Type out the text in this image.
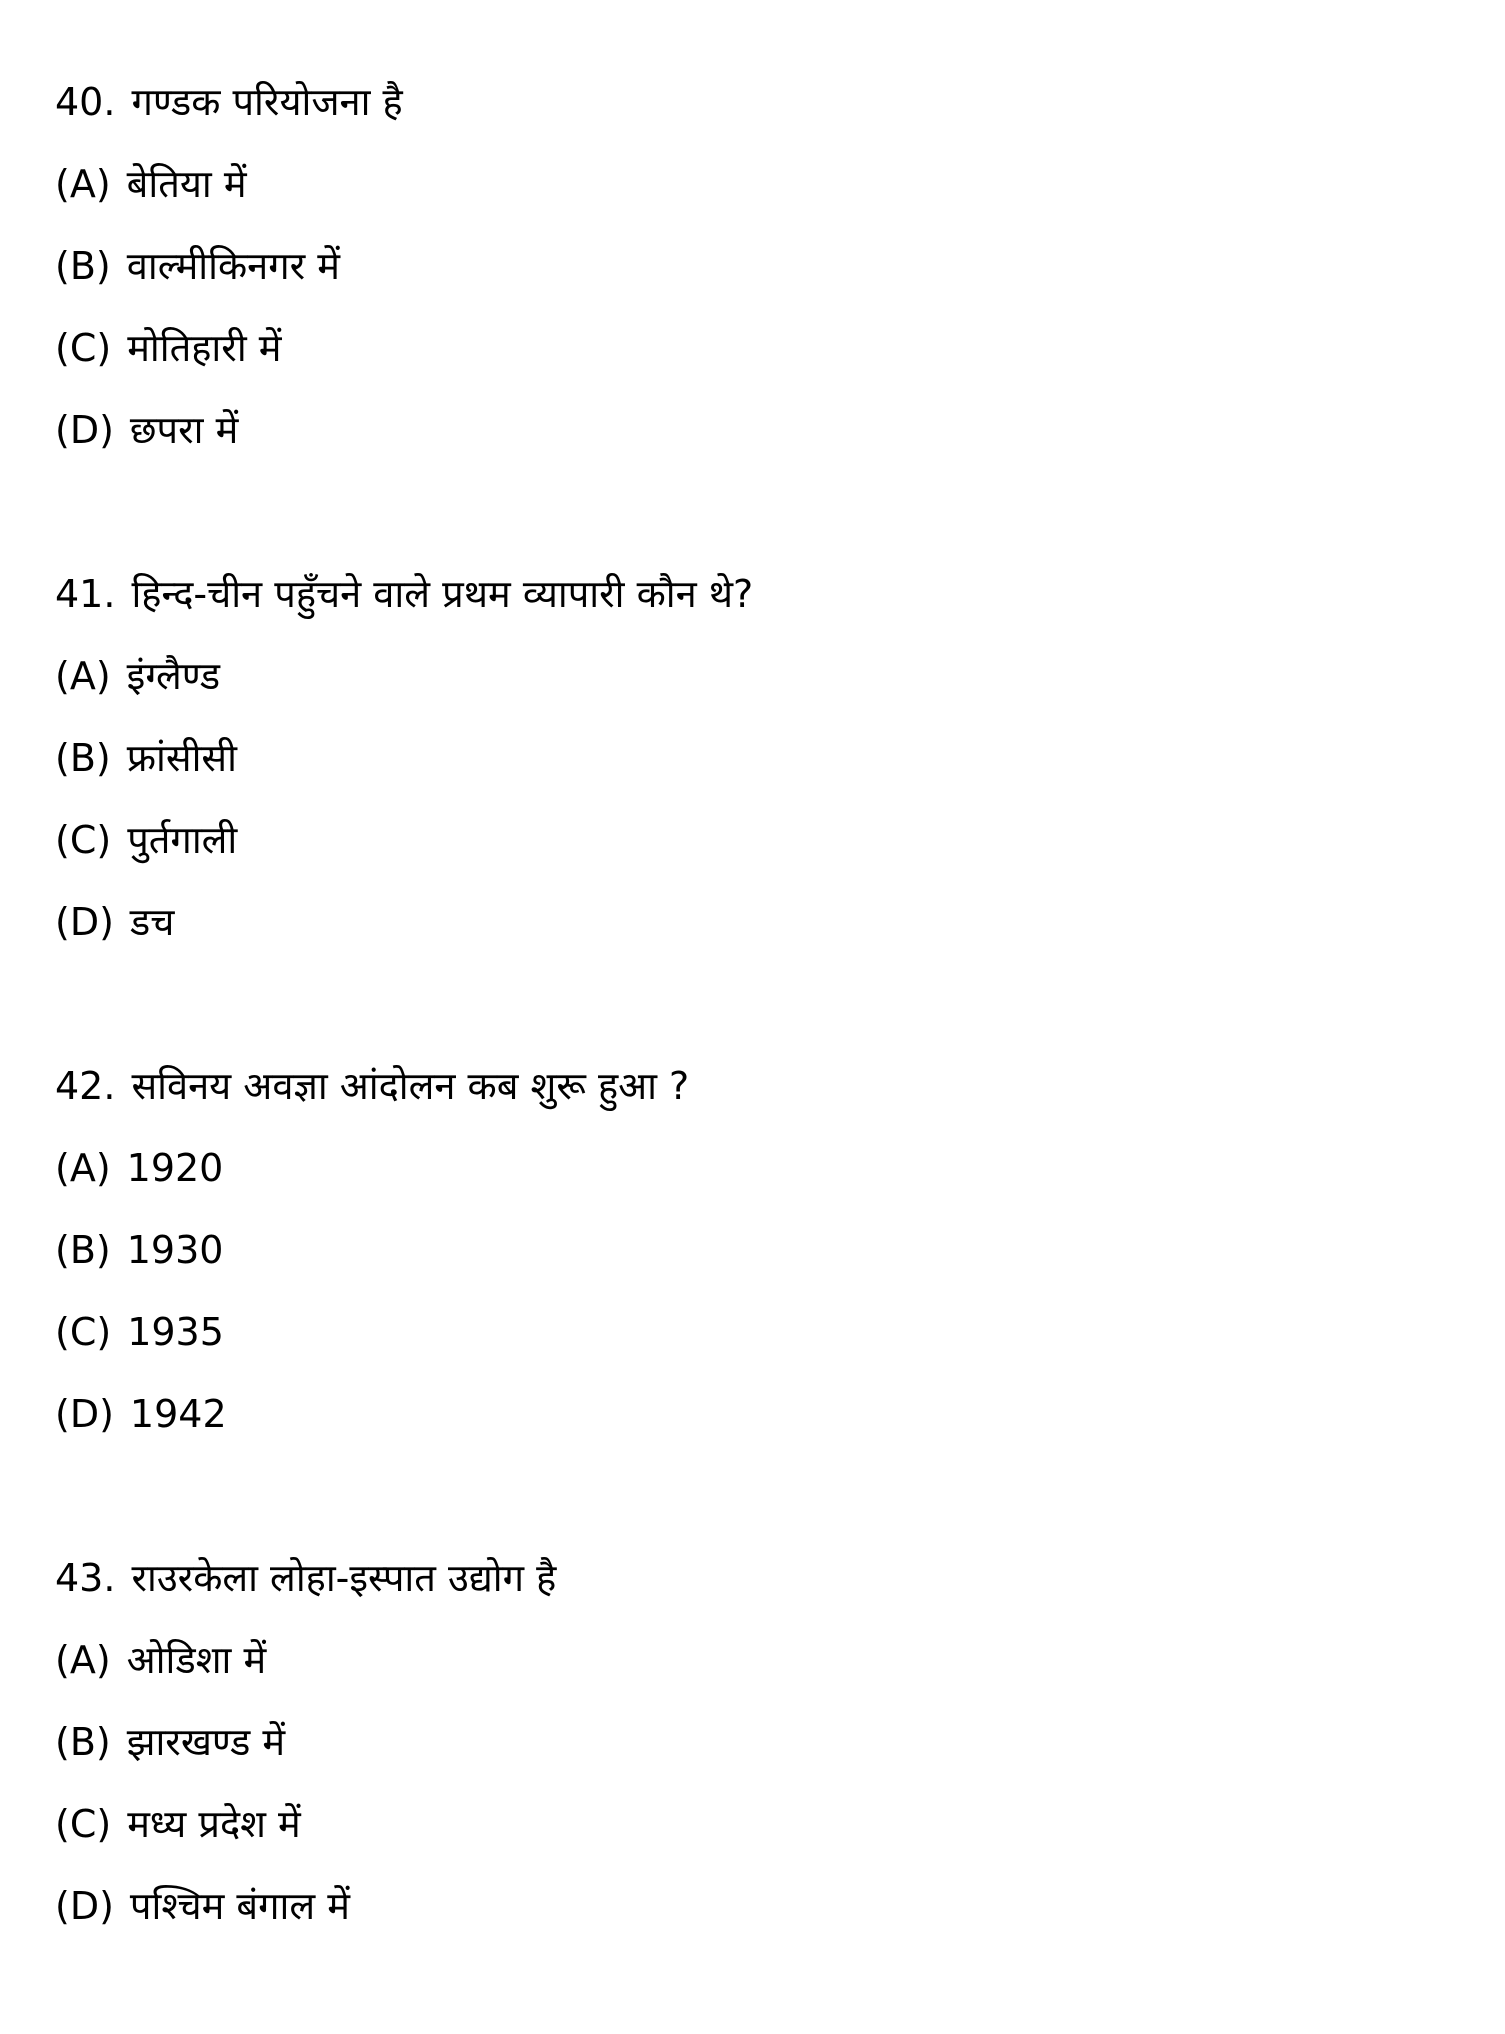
40. गण्डक परियोजना है
(A) बेतिया में
(B) वाल्मीकिनगर में
(C) मोतिहारी में
(D) छपरा में
41. हिन्द-चीन पहुँचने वाले प्रथम व्यापारी कौन थे?
(A) इंग्लैण्ड
(B) फ्रांसीसी
(C) पुर्तगाली
(D) डच
42. सविनय अवज्ञा आंदोलन कब शुरू हुआ ?
(A) 1920
(B) 1930
(C) 1935
(D) 1942
43. राउरकेला लोहा-इस्पात उद्योग है
(A) ओडिशा में
(B) झारखण्ड में
(C) मध्य प्रदेश में
(D) पश्चिम बंगाल में
